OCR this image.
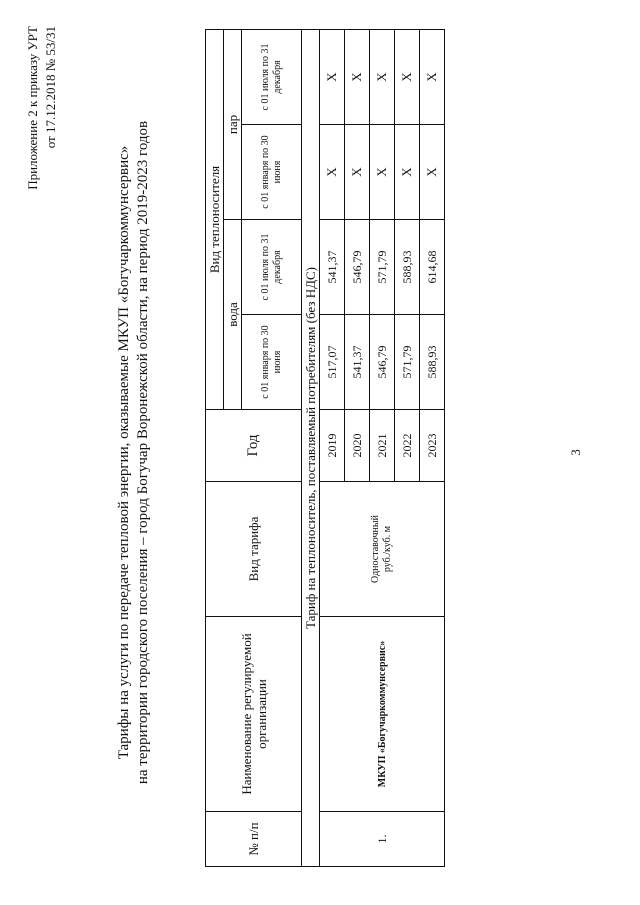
3
Приложение 2 к приказу УРТ от 17.12.2018 № 53/31
Тарифы на услуги по передаче тепловой энергии, оказываемые МКУП «Богучаркоммунсервис» на территории городского поселения – город Богучар Воронежской области, на период 2019-2023 годов
№ п/п	Наименование регулируемой организации	Вид тарифа	Год	Вид теплоносителя			
				вода		пар	
				с 01 января по 30 июня	с 01 июля по 31 декабря	с 01 января по 30 июня	с 01 июля по 31 декабря
Тариф на теплоноситель, поставляемый потребителям (без НДС)							
1.	МКУП «Богучаркоммунсервис»	Одноставочный руб./куб. м	2019	517,07	541,37	X	X
			2020	541,37	546,79	X	X
			2021	546,79	571,79	X	X
			2022	571,79	588,93	X	X
			2023	588,93	614,68	X	X
